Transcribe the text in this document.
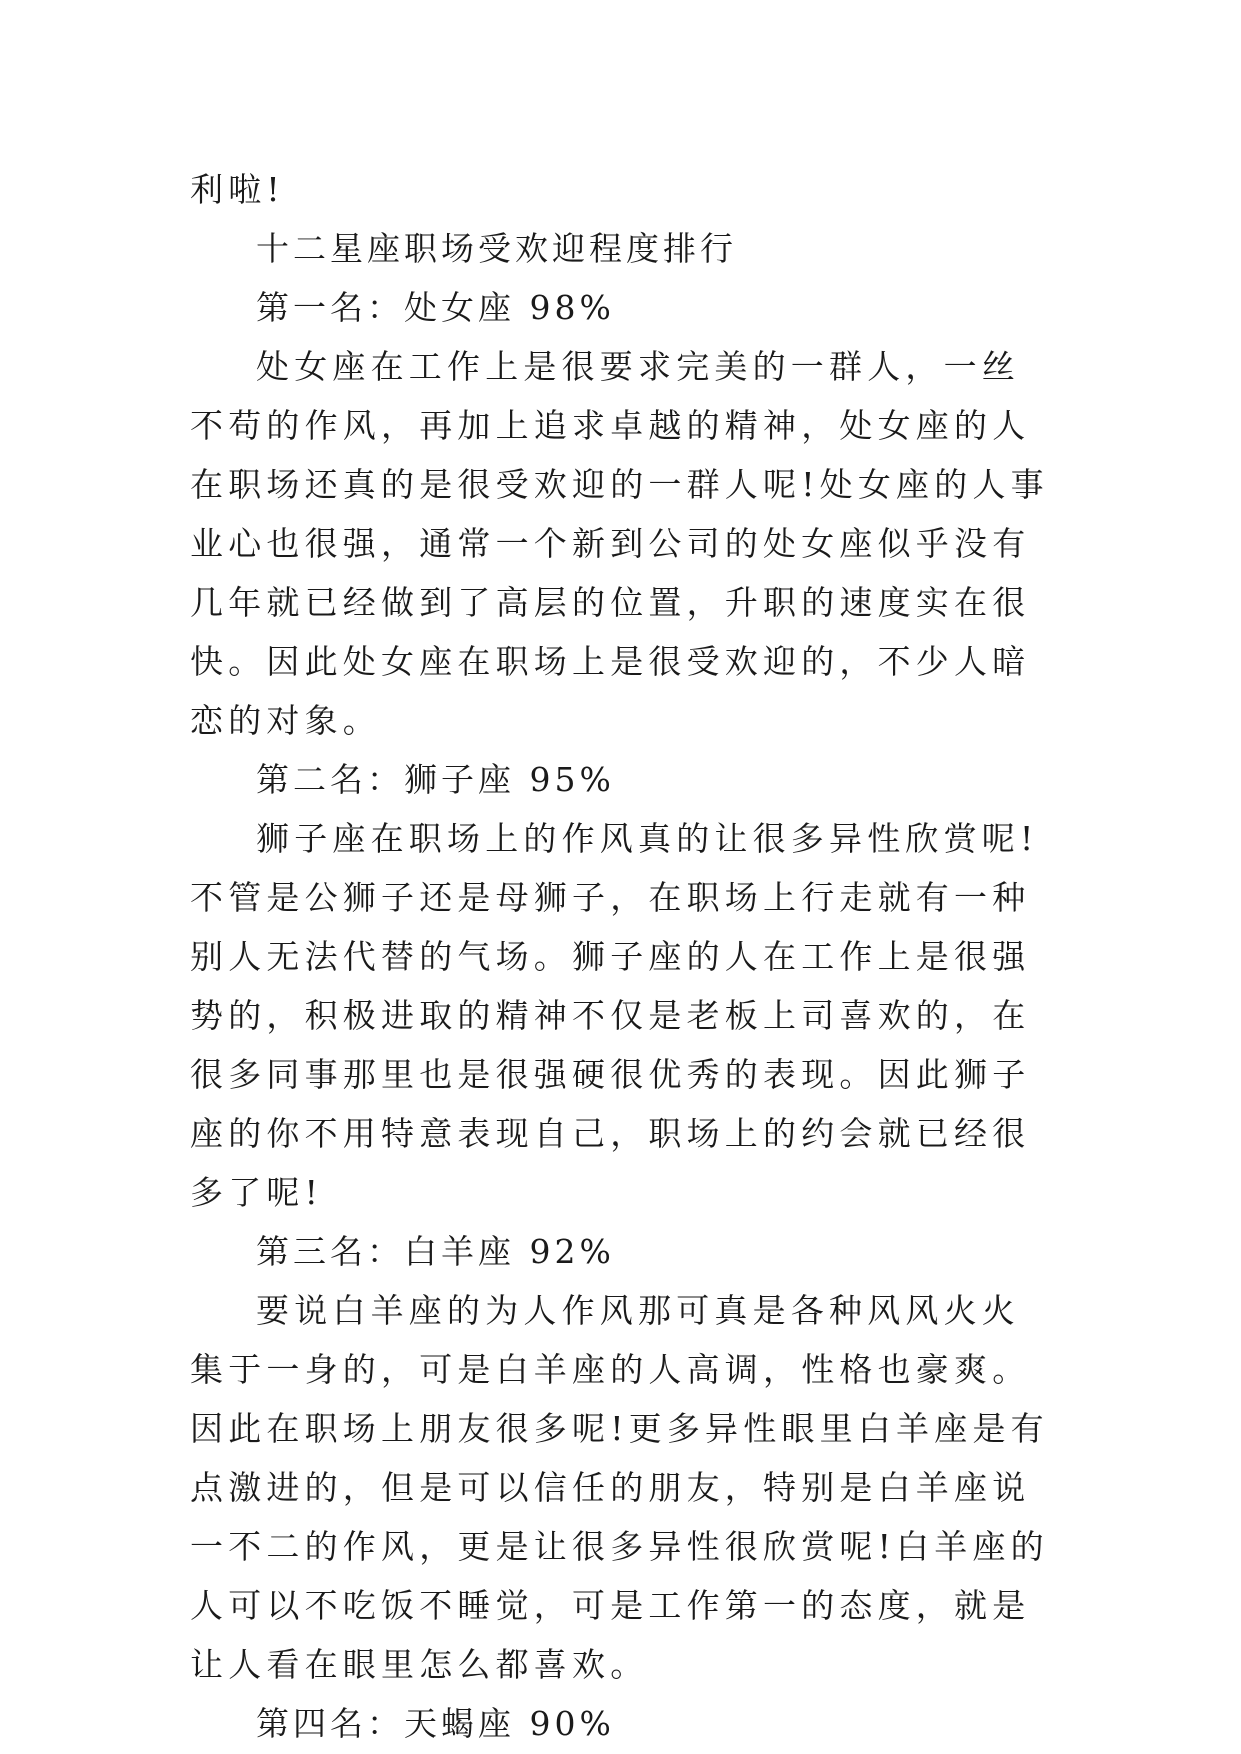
利啦!

十二星座职场受欢迎程度排行

第一名：处女座 98%

处女座在工作上是很要求完美的一群人，一丝不苟的作风，再加上追求卓越的精神，处女座的人在职场还真的是很受欢迎的一群人呢!处女座的人事业心也很强，通常一个新到公司的处女座似乎没有几年就已经做到了高层的位置，升职的速度实在很快。因此处女座在职场上是很受欢迎的，不少人暗恋的对象。

第二名：狮子座 95%

狮子座在职场上的作风真的让很多异性欣赏呢!不管是公狮子还是母狮子，在职场上行走就有一种别人无法代替的气场。狮子座的人在工作上是很强势的，积极进取的精神不仅是老板上司喜欢的，在很多同事那里也是很强硬很优秀的表现。因此狮子座的你不用特意表现自己，职场上的约会就已经很多了呢!

第三名：白羊座 92%

要说白羊座的为人作风那可真是各种风风火火集于一身的，可是白羊座的人高调，性格也豪爽。因此在职场上朋友很多呢!更多异性眼里白羊座是有点激进的，但是可以信任的朋友，特别是白羊座说一不二的作风，更是让很多异性很欣赏呢!白羊座的人可以不吃饭不睡觉，可是工作第一的态度，就是让人看在眼里怎么都喜欢。

第四名：天蝎座 90%
